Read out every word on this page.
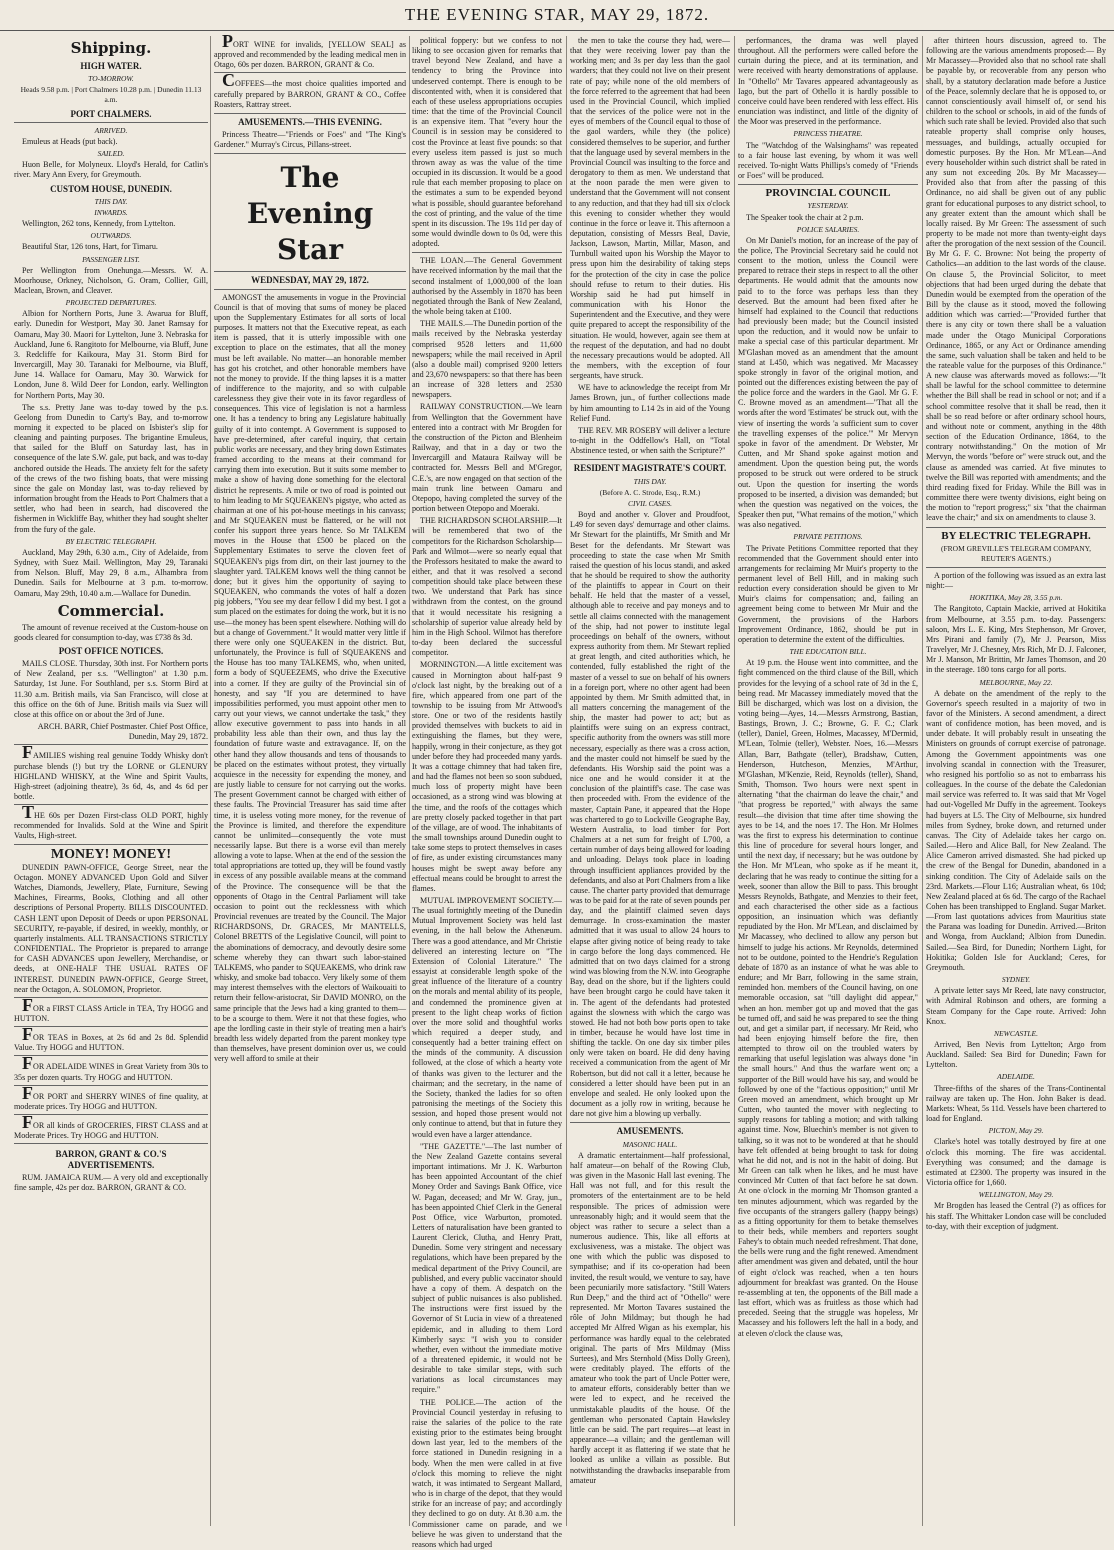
THE EVENING STAR, MAY 29, 1872.
Shipping.
HIGH WATER.
TO-MORROW.
Heads 9.58 p.m. | Port Chalmers 10.28 p.m. | Dunedin 11.13 a.m.
PORT CHALMERS.
ARRIVED.

Emuleus at Heads (put back).

SAILED.

Huon Belle, for Molyneux. Lloyd's Herald, for Catlin's river. Mary Ann Every, for Greymouth.

CUSTOM HOUSE, DUNEDIN.
THIS DAY.
INWARDS.

Wellington, 262 tons, Kennedy, from Lyttelton.

OUTWARDS.

Beautiful Star, 126 tons, Hart, for Timaru.

PASSENGER LIST.

Per Wellington from Onehunga.—Messrs. W. A. Moorhouse, Orkney, Nicholson, G. Oram, Collier, Gill, Maclean, Brown, and Cleaver.

PROJECTED DEPARTURES.

Albion for Northern Ports, June 3. Awarua for Bluff, early. Dunedin for Westport, May 30. Janet Ramsay for Oamaru, May 30. Maori for Lyttelton, June 3. Nebraska for Auckland, June 6. Rangitoto for Melbourne, via Bluff, June 3. Redcliffe for Kaikoura, May 31. Storm Bird for Invercargill, May 30. Taranaki for Melbourne, via Bluff, June 14. Wallace for Oamaru, May 30. Warwick for London, June 8. Wild Deer for London, early. Wellington for Northern Ports, May 30.

The s.s. Pretty Jane was to-day towed by the p.s. Geelong from Dunedin to Carty's Bay, and to-morrow morning it expected to be placed on Isbister's slip for cleaning and painting purposes. The brigantine Emuleus, that sailed for the Bluff on Saturday last, has in consequence of the late S.W. gale, put back, and was to-day anchored outside the Heads. The anxiety felt for the safety of the crews of the two fishing boats, that were missing since the gale on Monday last, was to-day relieved by information brought from the Heads to Port Chalmers that a settler, who had been in search, had discovered the fishermen in Wickliffe Bay, whither they had sought shelter from the fury of the gale.

BY ELECTRIC TELEGRAPH.

Auckland, May 29th, 6.30 a.m., City of Adelaide, from Sydney, with Suez Mail. Wellington, May 29, Taranaki from Nelson. Bluff, May 29, 8 a.m., Alhambra from Dunedin. Sails for Melbourne at 3 p.m. to-morrow. Oamaru, May 29th, 10.40 a.m.—Wallace for Dunedin.

Commercial.

The amount of revenue received at the Custom-house on goods cleared for consumption to-day, was £738 8s 3d.

POST OFFICE NOTICES.

MAILS CLOSE. Thursday, 30th inst. For Northern ports of New Zealand, per s.s. "Wellington" at 1.30 p.m. Saturday, 1st June. For Southland, per s.s. Storm Bird at 11.30 a.m. British mails, via San Francisco, will close at this office on the 6th of June. British mails via Suez will close at this office on or about the 3rd of June.

ARCH. BARR, Chief Postmaster. Chief Post Office, Dunedin, May 29, 1872.

FAMILIES wishing real genuine Toddy Whisky don't purchase blends (!) but try the LORNE or GLENURY HIGHLAND WHISKY, at the Wine and Spirit Vaults, High-street (adjoining theatre), 3s 6d, 4s, and 4s 6d per bottle.

THE 60s per Dozen First-class OLD PORT, highly recommended for Invalids. Sold at the Wine and Spirit Vaults, High-street.

MONEY! MONEY!

DUNEDIN PAWN-OFFICE, George Street, near the Octagon. MONEY ADVANCED Upon Gold and Silver Watches, Diamonds, Jewellery, Plate, Furniture, Sewing Machines, Firearms, Books, Clothing and all other descriptions of Personal Property. BILLS DISCOUNTED. CASH LENT upon Deposit of Deeds or upon PERSONAL SECURITY, re-payable, if desired, in weekly, monthly, or quarterly instalments. ALL TRANSACTIONS STRICTLY CONFIDENTIAL. The Proprietor is prepared to arrange for CASH ADVANCES upon Jewellery, Merchandise, or deeds, at ONE-HALF THE USUAL RATES OF INTEREST. DUNEDIN PAWN-OFFICE, George Street, near the Octagon, A. SOLOMON, Proprietor.

FOR a FIRST CLASS Article in TEA, Try HOGG and HUTTON.

FOR TEAS in Boxes, at 2s 6d and 2s 8d. Splendid Value. Try HOGG and HUTTON.

FOR ADELAIDE WINES in Great Variety from 30s to 35s per dozen quarts. Try HOGG and HUTTON.

FOR PORT and SHERRY WINES of fine quality, at moderate prices. Try HOGG and HUTTON.

FOR all kinds of GROCERIES, FIRST CLASS and at Moderate Prices. Try HOGG and HUTTON.

BARRON, GRANT & CO.'S ADVERTISEMENTS.

RUM. JAMAICA RUM.— A very old and exceptionally fine sample, 42s per doz. BARRON, GRANT & CO.

PORT WINE for invalids, [YELLOW SEAL] as approved and recommended by the leading medical men in Otago, 60s per dozen. BARRON, GRANT & Co.

COFFEES—the most choice qualities imported and carefully prepared by BARRON, GRANT & CO., Coffee Roasters, Rattray street.

AMUSEMENTS.—THIS EVENING.

Princess Theatre—"Friends or Foes" and "The King's Gardener." Murray's Circus, Pillans-street.

The Evening Star
WEDNESDAY, MAY 29, 1872.

AMONGST the amusements in vogue in the Provincial Council is that of moving that sums of money be placed upon the Supplementary Estimates for all sorts of local purposes. It matters not that the Executive repeat, as each item is passed, that it is utterly impossible with one exception to place on the estimates, that all the money must be left available. No matter—an honorable member has got his crotchet, and other honorable members have not the money to provide. If the thing lapses it is a matter of indifference to the majority, and so with culpable carelessness they give their vote in its favor regardless of consequences. This vice of legislation is not a harmless one. It has a tendency to bring any Legislature habitually guilty of it into contempt. A Government is supposed to have pre-determined, after careful inquiry, that certain public works are necessary, and they bring down Estimates framed according to the means at their command for carrying them into execution. But it suits some member to make a show of having done something for the electoral district he represents. A mile or two of road is pointed out to him leading to Mr SQUEAKEN's pigstye, who acted as chairman at one of his pot-house meetings in his canvass; and Mr SQUEAKEN must be flattered, or he will not confer his support three years hence. So Mr TALKEM moves in the House that £500 be placed on the Supplementary Estimates to serve the cloven feet of SQUEAKEN's pigs from dirt, on their last journey to the slaughter yard. TALKEM knows well the thing cannot be done; but it gives him the opportunity of saying to SQUEAKEN, who commands the votes of half a dozen pig jobbers, "You see my dear fellow I did my best. I got a sum placed on the estimates for doing the work, but it is no use—the money has been spent elsewhere. Nothing will do but a change of Government." It would matter very little if there were only one SQUEAKEN in the district. But, unfortunately, the Province is full of SQUEAKENS and the House has too many TALKEMS, who, when united, form a body of SQUEEZEMS, who drive the Executive into a corner. If they are guilty of the Provincial sin of honesty, and say "If you are determined to have impossibilities performed, you must appoint other men to carry out your views, we cannot undertake the task," they allow executive government to pass into hands in all probability less able than their own, and thus lay the foundation of future waste and extravagance. If, on the other hand they allow thousands and tens of thousands to be placed on the estimates without protest, they virtually acquiesce in the necessity for expending the money, and are justly liable to censure for not carrying out the works. The present Government cannot be charged with either of these faults. The Provincial Treasurer has said time after time, it is useless voting more money, for the revenue of the Province is limited, and therefore the expenditure cannot be unlimited—consequently the vote must necessarily lapse. But there is a worse evil than merely allowing a vote to lapse. When at the end of the session the total appropriations are totted up, they will be found vastly in excess of any possible available means at the command of the Province. The consequence will be that the opponents of Otago in the Central Parliament will take occasion to point out the recklessness with which Provincial revenues are treated by the Council. The Major RICHARDSONS, Dr. GRACES, Mr MANTELLS, Colonel BRETTS of the Legislative Council, will point to the abominations of democracy, and devoutly desire some scheme whereby they can thwart such labor-stained TALKEMS, who pander to SQUEAKEMS, who drink raw whisky, and smoke bad tobacco. Very likely some of them may interest themselves with the electors of Waikouaiti to return their fellow-aristocrat, Sir DAVID MONRO, on the same principle that the Jews had a king granted to them—to be a scourge to them. Were it not that these fogies, who ape the lordling caste in their style of treating men a hair's breadth less widely departed from the parent monkey type than themselves, have present dominion over us, we could very well afford to smile at their

political foppery: but we confess to not liking to see occasion given for remarks that travel beyond New Zealand, and have a tendency to bring the Province into undeserved contempt. There is enough to be discontented with, when it is considered that each of these useless appropriations occupies time: that the time of the Provincial Council is an expensive item. That "every hour the Council is in session may be considered to cost the Province at least five pounds: so that every useless item passed is just so much thrown away as was the value of the time occupied in its discussion. It would be a good rule that each member proposing to place on the estimates a sum to be expended beyond what is possible, should guarantee beforehand the cost of printing, and the value of the time spent in its discussion. The 19s 11d per day of some would dwindle down to 0s 0d, were this adopted.

THE LOAN.—The General Government have received information by the mail that the second instalment of 1,000,000 of the loan authorised by the Assembly in 1870 has been negotiated through the Bank of New Zealand, the whole being taken at £100.

THE MAILS.—The Dunedin portion of the mails received by the Nebraska yesterday comprised 9528 letters and 11,600 newspapers; while the mail received in April (also a double mail) comprised 9200 letters and 23,670 newspapers: so that there has been an increase of 328 letters and 2530 newspapers.

RAILWAY CONSTRUCTION.—We learn from Wellington that the Government have entered into a contract with Mr Brogden for the construction of the Picton and Blenheim Railway, and that in a day or two the Invercargill and Mataura Railway will be contracted for. Messrs Bell and M'Gregor, C.E.'s, are now engaged on that section of the main trunk line between Oamaru and Otepopo, having completed the survey of the portion between Otepopo and Moeraki.

THE RICHARDSON SCHOLARSHIP.—It will be remembered that two of the competitors for the Richardson Scholarship—Park and Wilmot—were so nearly equal that the Professors hesitated to make the award to either, and that it was resolved a second competition should take place between these two. We understand that Park has since withdrawn from the contest, on the ground that it would necessitate his resigning a scholarship of superior value already held by him in the High School. Wilmot has therefore to-day been declared the successful competitor.

MORNINGTON.—A little excitement was caused in Mornington about half-past 9 o'clock last night, by the breaking out of a fire, which appeared from one part of the township to be issuing from Mr Attwood's store. One or two of the residents hastily provided themselves with buckets to aid in extinguishing the flames, but they were, happily, wrong in their conjecture, as they got under before they had proceeded many yards. It was a cottage chimney that had taken fire, and had the flames not been so soon subdued, much loss of property might have been occasioned, as a strong wind was blowing at the time, and the roofs of the cottages which are pretty closely packed together in that part of the village, are of wood. The inhabitants of the small townships around Dunedin ought to take some steps to protect themselves in cases of fire, as under existing circumstances many houses might be swept away before any effectual means could be brought to arrest the flames.

MUTUAL IMPROVEMENT SOCIETY.—The usual fortnightly meeting of the Dunedin Mutual Improvement Society was held last evening, in the hall below the Athenæum. There was a good attendance, and Mr Christie delivered an interesting lecture on "The Extension of Colonial Literature." The essayist at considerable length spoke of the great influence of the literature of a country on the morals and mental ability of its people, and condemned the prominence given at present to the light cheap works of fiction over the more solid and thoughtful works which required a deeper study, and consequently had a better training effect on the minds of the community. A discussion followed, at the close of which a hearty vote of thanks was given to the lecturer and the chairman; and the secretary, in the name of the Society, thanked the ladies for so often patronising the meetings of the Society this session, and hoped those present would not only continue to attend, but that in future they would even have a larger attendance.

"THE GAZETTE."—The last number of the New Zealand Gazette contains several important intimations. Mr J. K. Warburton has been appointed Accountant of the chief Money Order and Savings Bank Office, vice W. Pagan, deceased; and Mr W. Gray, jun., has been appointed Chief Clerk in the General Post Office, vice Warburton, promoted. Letters of naturalisation have been granted to Laurent Clerick, Clutha, and Henry Pratt, Dunedin. Some very stringent and necessary regulations, which have been prepared by the medical department of the Privy Council, are published, and every public vaccinator should have a copy of them. A despatch on the subject of public nuisances is also published. The instructions were first issued by the Governor of St Lucia in view of a threatened epidemic, and in alluding to them Lord Kimberly says: "I wish you to consider whether, even without the immediate motive of a threatened epidemic, it would not be desirable to take similar steps, with such variations as local circumstances may require."

THE POLICE.—The action of the Provincial Council yesterday in refusing to raise the salaries of the police to the rate existing prior to the estimates being brought down last year, led to the members of the force stationed in Dunedin resigning in a body. When the men were called in at five o'clock this morning to relieve the night watch, it was intimated to Sergeant Mallard, who is in charge of the depot, that they would strike for an increase of pay; and accordingly they declined to go on duty. At 8.30 a.m. the Commissioner came on parade, and we believe he was given to understand that the reasons which had urged

the men to take the course they had, were—that they were receiving lower pay than the working men; and 3s per day less than the gaol warders; that they could not live on their present rate of pay; while none of the old members of the force referred to the agreement that had been used in the Provincial Council, which implied that the services of the police were not in the eyes of members of the Council equal to those of the gaol warders, while they (the police) considered themselves to be superior, and further that the language used by several members in the Provincial Council was insulting to the force and derogatory to them as men. We understand that at the noon parade the men were given to understand that the Government will not consent to any reduction, and that they had till six o'clock this evening to consider whether they would continue in the force or leave it. This afternoon a deputation, consisting of Messrs Beal, Davie, Jackson, Lawson, Martin, Millar, Mason, and Turnbull waited upon his Worship the Mayor to press upon him the desirability of taking steps for the protection of the city in case the police should refuse to return to their duties. His Worship said he had put himself in communication with his Honor the Superintendent and the Executive, and they were quite prepared to accept the responsibility of the situation. He would, however, again see them at the request of the deputation, and had no doubt the necessary precautions would be adopted. All the members, with the exception of four sergeants, have struck.

WE have to acknowledge the receipt from Mr James Brown, jun., of further collections made by him amounting to L14 2s in aid of the Young Relief Fund.

THE REV. MR ROSEBY will deliver a lecture to-night in the Oddfellow's Hall, on "Total Abstinence tested, or when saith the Scripture?"

RESIDENT MAGISTRATE'S COURT.
THIS DAY.
(Before A. C. Strode, Esq., R.M.)
CIVIL CASES.

Boyd and another v. Glover and Proudfoot, L49 for seven days' demurrage and other claims. Mr Stewart for the plaintiffs, Mr Smith and Mr Beset for the defendants. Mr Stewart was proceeding to state the case when Mr Smith raised the question of his locus standi, and asked that he should be required to show the authority of the plaintiffs to appear in Court on their behalf. He held that the master of a vessel, although able to receive and pay moneys and to settle all claims connected with the management of the ship, had not power to institute legal proceedings on behalf of the owners, without express authority from them. Mr Stewart replied at great length, and cited authorities which, he contended, fully established the right of the master of a vessel to sue on behalf of his owners in a foreign port, where no other agent had been appointed by them. Mr Smith admitted that, in all matters concerning the management of the ship, the master had power to act; but as plaintiffs were suing on an express contract, specific authority from the owners was still more necessary, especially as there was a cross action, and the master could not himself be sued by the defendants. His Worship said the point was a nice one and he would consider it at the conclusion of the plaintiff's case. The case was then proceeded with. From the evidence of the master, Captain Pane, it appeared that the Hope was chartered to go to Lockville Geographe Bay, Western Australia, to load timber for Port Chalmers at a net sum for freight of L700, a certain number of days being allowed for loading and unloading. Delays took place in loading through insufficient appliances provided by the defendants, and also at Port Chalmers from a like cause. The charter party provided that demurrage was to be paid for at the rate of seven pounds per day, and the plaintiff claimed seven days demurrage. In cross-examination the master admitted that it was usual to allow 24 hours to elapse after giving notice of being ready to take in cargo before the long days commenced. He admitted that on two days claimed for a strong wind was blowing from the N.W. into Geographe Bay, dead on the shore, but if the lighters could have been brought cargo he could have taken it in. The agent of the defendants had protested against the slowness with which the cargo was stowed. He had not both bow ports open to take in timber, because he would have lost time in shifting the tackle. On one day six timber piles only were taken on board. He did deny having received a communication from the agent of Mr Robertson, but did not call it a letter, because he considered a letter should have been put in an envelope and sealed. He only looked upon the document as a jolly row in writing, because he dare not give him a blowing up verbally.

AMUSEMENTS.
MASONIC HALL.

A dramatic entertainment—half professional, half amateur—on behalf of the Rowing Club, was given in the Masonic Hall last evening. The Hall was not full, and for this result the promoters of the entertainment are to be held responsible. The prices of admission were unreasonably high; and it would seem that the object was rather to secure a select than a numerous audience. This, like all efforts at exclusiveness, was a mistake. The object was one with which the public was disposed to sympathise; and if its co-operation had been invited, the result would, we venture to say, have been pecuniarily more satisfactory. "Still Waters Run Deep," and the third act of "Othello" were represented. Mr Morton Tavares sustained the rôle of John Mildmay; but though he had accepted Mr Alfred Wigan as his exemplar, his performance was hardly equal to the celebrated original. The parts of Mrs Mildmay (Miss Surtees), and Mrs Sternhold (Miss Dolly Green), were creditably played. The efforts of the amateur who took the part of Uncle Potter were, to amateur efforts, considerably better than we were led to expect, and he received the unmistakable plaudits of the house. Of the gentleman who personated Captain Hawksley little can be said. The part requires—at least in appearance—a villain; and the gentleman will hardly accept it as flattering if we state that he looked as unlike a villain as possible. But notwithstanding the drawbacks inseparable from amateur

performances, the drama was well played throughout. All the performers were called before the curtain during the piece, and at its termination, and were received with hearty demonstrations of applause. In "Othello" Mr Tavares appeared advantageously as Iago, but the part of Othello it is hardly possible to conceive could have been rendered with less effect. His enunciation was indistinct, and little of the dignity of the Moor was preserved in the performance.

PRINCESS THEATRE.

The "Watchdog of the Walsinghams" was repeated to a fair house last evening, by whom it was well received. To-night Watts Phillips's comedy of "Friends or Foes" will be produced.

PROVINCIAL COUNCIL
YESTERDAY.

The Speaker took the chair at 2 p.m.

POLICE SALARIES.

On Mr Daniel's motion, for an increase of the pay of the police, The Provincial Secretary said he could not consent to the motion, unless the Council were prepared to retrace their steps in respect to all the other departments. He would admit that the amounts now paid to to the force was perhaps less than they deserved. But the amount had been fixed after he himself had explained to the Council that reductions had previously been made; but the Council insisted upon the reduction, and it would now be unfair to make a special case of this particular department. Mr M'Glashan moved as an amendment that the amount stand at L450, which was negatived. Mr Macassey spoke strongly in favor of the original motion, and pointed out the differences existing between the pay of the police force and the warders in the Gaol. Mr G. F. C. Browne moved as an amendment—"That all the words after the word 'Estimates' be struck out, with the view of inserting the words 'a sufficient sum to cover the travelling expenses of the police.'" Mr Mervyn spoke in favor of the amendment. Dr Webster, Mr Cutten, and Mr Shand spoke against motion and amendment. Upon the question being put, the words proposed to be struck out were ordered to be struck out. Upon the question for inserting the words proposed to be inserted, a division was demanded; but when the question was negatived on the voices, the Speaker then put, "What remains of the motion," which was also negatived.

PRIVATE PETITIONS.

The Private Petitions Committee reported that they recommended that the Government should enter into arrangements for reclaiming Mr Muir's property to the permanent level of Bell Hill, and in making such reduction every consideration should be given to Mr Muir's claims for compensation; and, failing an agreement being come to between Mr Muir and the Government, the provisions of the Harbors Improvement Ordinance, 1862, should be put in operation to determine the extent of the difficulties.

THE EDUCATION BILL.

At 19 p.m. the House went into committee, and the fight commenced on the third clause of the Bill, which provides for the levying of a school rate of 3d in the £, being read. Mr Macassey immediately moved that the Bill be discharged, which was lost on a division, the voting being—Ayes, 14.—Messrs Armstrong, Bastian, Bastings, Brown, J. C.; Browne, G. F. C.; Clark (teller), Daniel, Green, Holmes, Macassey, M'Dermid, M'Lean, Tolmie (teller), Webster. Noes, 16.—Messrs Allan, Barr, Bathgate (teller), Bradshaw, Cutten, Henderson, Hutcheson, Menzies, M'Arthur, M'Glashan, M'Kenzie, Reid, Reynolds (teller), Shand, Smith, Thomson. Two hours were next spent in alternating "that the chairman do leave the chair," and "that progress be reported," with always the same result—the division that time after time showing the ayes to be 14, and the noes 17. The Hon. Mr Holmes was the first to express his determination to continue this line of procedure for several hours longer, and until the next day, if necessary; but he was outdone by the Hon. Mr M'Lean, who spoke as if he meant it, declaring that he was ready to continue the sitting for a week, sooner than allow the Bill to pass. This brought Messrs Reynolds, Bathgate, and Menzies to their feet, and each characterised the other side as a factious opposition, an insinuation which was defiantly repudiated by the Hon. Mr M'Lean, and disclaimed by Mr Macassey, who declined to allow any person but himself to judge his actions. Mr Reynolds, determined not to be outdone, pointed to the Hendrie's Regulation debate of 1870 as an instance of what he was able to endure; and Mr Barr, following in the same strain, reminded hon. members of the Council having, on one memorable occasion, sat "till daylight did appear," when an hon. member got up and moved that the gas be turned off, and said he was prepared to see the thing out, and get a similar part, if necessary. Mr Reid, who had been enjoying himself before the fire, then attempted to throw oil on the troubled waters by remarking that useful legislation was always done "in the small hours." And thus the warfare went on; a supporter of the Bill would have his say, and would be followed by one of the "factious opposition;" until Mr Green moved an amendment, which brought up Mr Cutten, who taunted the mover with neglecting to supply reasons for tabling a motion; and with talking against time. Now, Bluechin's member is not given to talking, so it was not to be wondered at that he should have felt offended at being brought to task for doing what he did not, and is not in the habit of doing. But Mr Green can talk when he likes, and he must have convinced Mr Cutten of that fact before he sat down. At one o'clock in the morning Mr Thomson granted a ten minutes adjournment, which was regarded by the five occupants of the strangers gallery (happy beings) as a fitting opportunity for them to betake themselves to their beds, while members and reporters sought Fahey's to obtain much needed refreshment. That done, the bells were rung and the fight renewed. Amendment after amendment was given and debated, until the hour of eight o'clock was reached, when a ten hours adjournment for breakfast was granted. On the House re-assembling at ten, the opponents of the Bill made a last effort, which was as fruitless as those which had preceded. Seeing that the struggle was hopeless, Mr Macassey and his followers left the hall in a body, and at eleven o'clock the clause was,

after thirteen hours discussion, agreed to. The following are the various amendments proposed:— By Mr Macassey—Provided also that no school rate shall be payable by, or recoverable from any person who shall, by a statutory declaration made before a Justice of the Peace, solemnly declare that he is opposed to, or cannot conscientiously avail himself of, or send his children to the school or schools, in aid of the funds of which such rate shall be levied. Provided also that such rateable property shall comprise only houses, messuages, and buildings, actually occupied for domestic purposes. By the Hon. Mr M'Lean—And every householder within such district shall be rated in any sum not exceeding 20s. By Mr Macassey—Provided also that from after the passing of this Ordinance, no aid shall be given out of any public grant for educational purposes to any district school, to any greater extent than the amount which shall be locally raised. By Mr Green: The assessment of such property to be made not more than twenty-eight days after the prorogation of the next session of the Council. By Mr G. F. C. Browne: Not being the property of Catholics—an addition to the last words of the clause. On clause 5, the Provincial Solicitor, to meet objections that had been urged during the debate that Dunedin would be exempted from the operation of the Bill by the clause as it stood, moved the following addition which was carried:—"Provided further that there is any city or town there shall be a valuation made under the Otago Municipal Corporations Ordinance, 1865, or any Act or Ordinance amending the same, such valuation shall be taken and held to be the rateable value for the purposes of this Ordinance." A new clause was afterwards moved as follows:—"It shall be lawful for the school committee to determine whether the Bill shall be read in school or not; and if a school committee resolve that it shall be read, then it shall be so read before or after ordinary school hours, and without note or comment, anything in the 48th section of the Education Ordinance, 1864, to the contrary notwithstanding." On the motion of Mr Mervyn, the words "before or" were struck out, and the clause as amended was carried. At five minutes to twelve the Bill was reported with amendments; and the third reading fixed for Friday. While the Bill was in committee there were twenty divisions, eight being on the motion to "report progress;" six "that the chairman leave the chair;" and six on amendments to clause 3.

BY ELECTRIC TELEGRAPH.
(FROM GREVILLE'S TELEGRAM COMPANY, REUTER'S AGENTS.)

A portion of the following was issued as an extra last night:—

HOKITIKA, May 28, 3.55 p.m.

The Rangitoto, Captain Mackie, arrived at Hokitika from Melbourne, at 3.55 p.m. to-day. Passengers: saloon, Mrs L. E. King, Mrs Stephenson, Mr Grover, Mrs Pirani and family (7), Mr J. Pearson, Miss Travelyer, Mr J. Chesney, Mrs Rich, Mr D. J. Falconer, Mr J. Manson, Mr Brittin, Mr James Thomson, and 20 in the steerage. 180 tons cargo for all ports.

MELBOURNE, May 22.

A debate on the amendment of the reply to the Governor's speech resulted in a majority of two in favor of the Ministers. A second amendment, a direct want of confidence motion, has been moved, and is under debate. It will probably result in unseating the Ministers on grounds of corrupt exercise of patronage. Among the Government appointments was one involving scandal in connection with the Treasurer, who resigned his portfolio so as not to embarrass his colleagues. In the course of the debate the Caledonian mail service was referred to. It was said that Mr Vogel had out-Vogelled Mr Duffy in the agreement. Tookeys had buyers at L5. The City of Melbourne, six hundred miles from Sydney, broke down, and returned under canvas. The City of Adelaide takes her cargo on. Sailed.—Hero and Alice Ball, for New Zealand. The Alice Cameron arrived dismasted. She had picked up the crew of the Bengal for Dunedin, abandoned in a sinking condition. The City of Adelaide sails on the 23rd. Markets.—Flour L16; Australian wheat, 6s 10d; New Zealand placed at 6s 6d. The cargo of the Rachael Cohen has been transhipped to England. Sugar Market.—From last quotations advices from Mauritius state the Parana was loading for Dunedin. Arrived.—Briton and Wonga, from Auckland; Albion from Dunedin. Sailed.—Sea Bird, for Dunedin; Northern Light, for Hokitika; Golden Isle for Auckland; Ceres, for Greymouth.

SYDNEY.

A private letter says Mr Reed, late navy constructor, with Admiral Robinson and others, are forming a Steam Company for the Cape route. Arrived: John Knox.

NEWCASTLE.

Arrived, Ben Nevis from Lyttelton; Argo from Auckland. Sailed: Sea Bird for Dunedin; Fawn for Lyttelton.

ADELAIDE.

Three-fifths of the shares of the Trans-Continental railway are taken up. The Hon. John Baker is dead. Markets: Wheat, 5s 11d. Vessels have been chartered to load for England.

PICTON, May 29.

Clarke's hotel was totally destroyed by fire at one o'clock this morning. The fire was accidental. Everything was consumed; and the damage is estimated at £2300. The property was insured in the Victoria office for 1,660.

WELLINGTON, May 29.

Mr Brogden has leased the Central (?) as offices for his staff. The Whittaker London case will be concluded to-day, with their exception of judgment.
